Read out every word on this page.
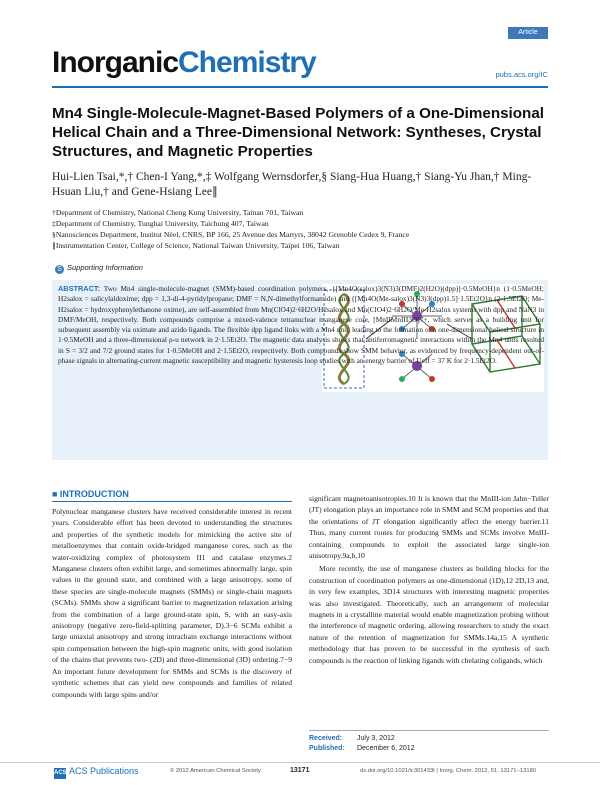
InorganicChemistry
Article
pubs.acs.org/IC
Mn4 Single-Molecule-Magnet-Based Polymers of a One-Dimensional Helical Chain and a Three-Dimensional Network: Syntheses, Crystal Structures, and Magnetic Properties
Hui-Lien Tsai,*,† Chen-I Yang,*,‡ Wolfgang Wernsdorfer,§ Siang-Hua Huang,† Siang-Yu Jhan,† Ming-Hsuan Liu,† and Gene-Hsiang Lee∥
†Department of Chemistry, National Cheng Kung University, Tainan 701, Taiwan
‡Department of Chemistry, Tunghai University, Taichung 407, Taiwan
§Nanosciences Department, Institut Néel, CNRS, BP 166, 25 Avenue des Martyrs, 38042 Grenoble Cedex 9, France
∥Instrumentation Center, College of Science, National Taiwan University, Taipei 106, Taiwan
S Supporting Information
ABSTRACT: Two Mn4 single-molecule-magnet (SMM)-based coordination polymers, {[Mn4O(salox)3(N3)3(DMF)2(H2O)(dpp)]·0.5MeOH}n (1·0.5MeOH; H2salox = salicylaldoxime; dpp = 1,3-di-4-pyridylpropane; DMF = N,N-dimethylformamide) and {[Mn4O(Me-salox)3(N3)3(dpp)1.5]·1.5Et2O}n (2·1.5Et2O; Me-H2salox = hydroxyphenylethanone oxime), are self-assembled from Mn(ClO4)2·6H2O/H2salox and Mn(ClO4)2·6H2O/Me-H2salox systems with dpp and NaN3 in DMF/MeOH, respectively. Both compounds comprise a mixed-valence tetranuclear manganese core, [MnIIMnIII3O]7+, which serves as a building unit for subsequent assembly via oximate and azido ligands. The flexible dpp ligand links with a Mn4 unit, leading to the formation of a one-dimensional helical structure in 1·0.5MeOH and a three-dimensional ρ-u network in 2·1.5Et2O. The magnetic data analysis shows that antiferromagnetic interactions within the Mn4 units resulted in S = 3/2 and 7/2 ground states for 1·0.5MeOH and 2·1.5Et2O, respectively. Both compounds show SMM behavior, as evidenced by frequency-dependent out-of-phase signals in alternating-current magnetic susceptibility and magnetic hysteresis loop studies with an energy barrier of Ueff = 37 K for 2·1.5Et2O.
■ INTRODUCTION
Polynuclear manganese clusters have received considerable interest in recent years. Considerable effort has been devoted to understanding the structures and properties of the synthetic models for mimicking the active site of metalloenzymes that contain oxide-bridged manganese cores, such as the water-oxidizing complex of photosystem II1 and catalase enzymes.2 Manganese clusters often exhibit large, and sometimes abnormally large, spin values in the ground state, and combined with a large anisotropy, some of these species are single-molecule magnets (SMMs) or single-chain magnets (SCMs). SMMs show a significant barrier to magnetization relaxation arising from the combination of a large ground-state spin, S, with an easy-axis anisotropy (negative zero-field-splitting parameter, D).3−6 SCMs exhibit a large uniaxial anisotropy and strong intrachain exchange interactions without spin compensation between the high-spin magnetic units, with good isolation of the chains that prevents two- (2D) and three-dimensional (3D) ordering.7−9 An important future development for SMMs and SCMs is the discovery of synthetic schemes that can yield new compounds and families of related compounds with large spins and/or

significant magnetoanisotropies.10 It is known that the MnIII-ion Jahn−Teller (JT) elongation plays an importance role in SMM and SCM properties and that the orientations of JT elongation significantly affect the energy barrier.11 Thus, many current routes for producing SMMs and SCMs involve MnIII-containing compounds to exploit the associated large single-ion anisotropy.9a,b,10

More recently, the use of manganese clusters as building blocks for the construction of coordination polymers as one-dimensional (1D),12 2D,13 and, in very few examples, 3D14 structures with interesting magnetic properties was also investigated. Theoretically, such an arrangement of molecular magnets in a crystalline material would enable magnetization probing without the interference of magnetic ordering, allowing researchers to study the exact nature of the retention of magnetization for SMMs.14a,15 A synthetic methodology that has proven to be successful in the synthesis of such compounds is the reaction of linking ligands with chelating coligands, which

Received: July 3, 2012
Published: December 6, 2012
ACS ACS Publications	© 2012 American Chemical Society	13171	dx.doi.org/10.1021/ic301433t | Inorg. Chem. 2012, 51, 13171−13180
